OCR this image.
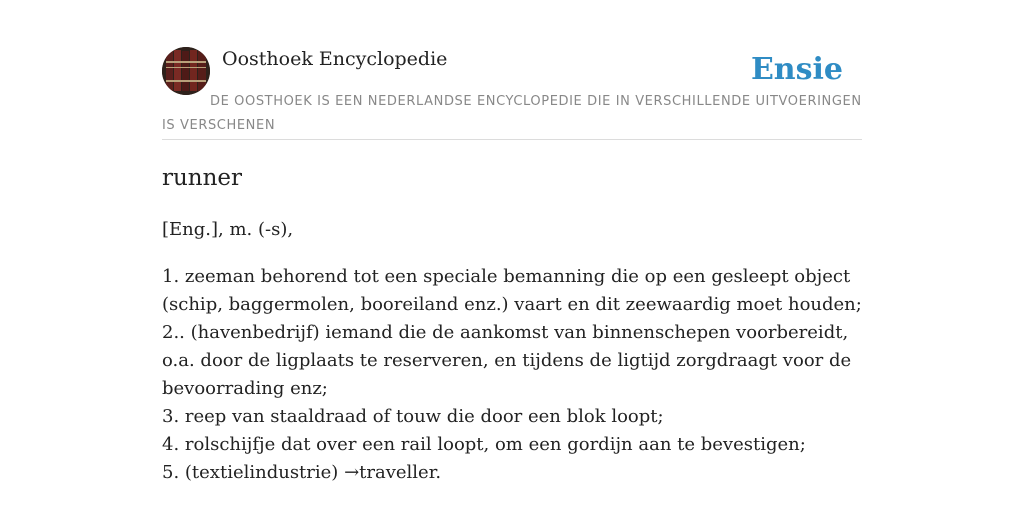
Oosthoek Encyclopedie	Ensie
DE OOSTHOEK IS EEN NEDERLANDSE ENCYCLOPEDIE DIE IN VERSCHILLENDE UITVOERINGEN IS VERSCHENEN
runner

[Eng.], m. (-s),

1. zeeman behorend tot een speciale bemanning die op een gesleept object (schip, baggermolen, booreiland enz.) vaart en dit zeewaardig moet houden;
2.. (havenbedrijf) iemand die de aankomst van binnenschepen voorbereidt, o.a. door de ligplaats te reserveren, en tijdens de ligtijd zorgdraagt voor de bevoorrading enz;
3. reep van staaldraad of touw die door een blok loopt;
4. rolschijfje dat over een rail loopt, om een gordijn aan te bevestigen;
5. (textielindustrie) →traveller.
